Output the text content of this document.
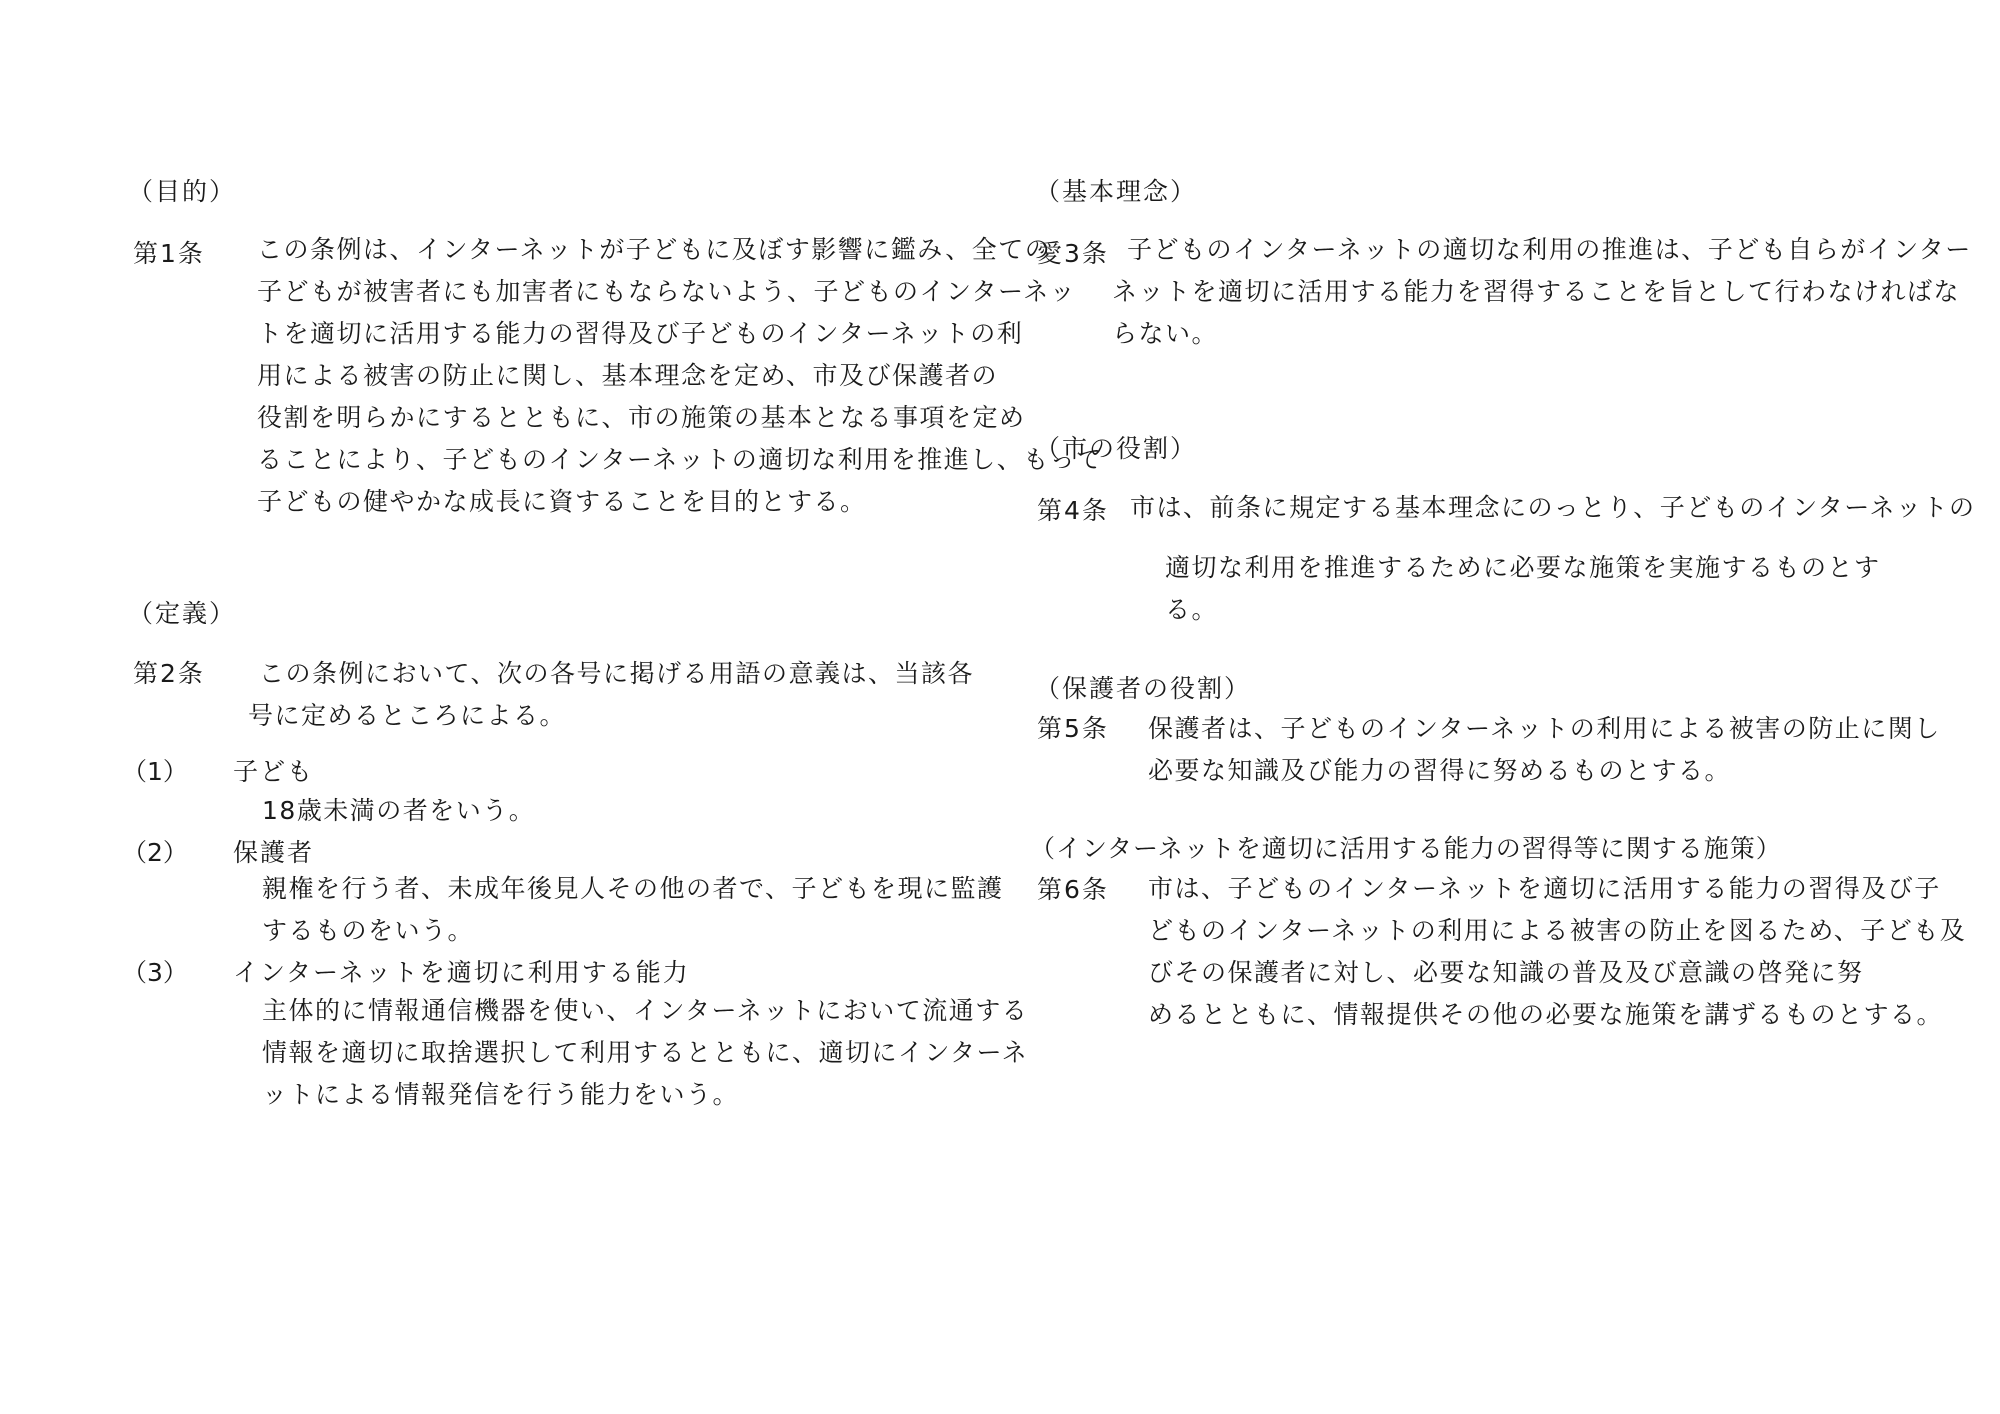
（目的）
第1条 この条例は、インターネットが子どもに及ぼす影響に鑑み、全ての
子どもが被害者にも加害者にもならないよう、子どものインターネッ
トを適切に活用する能力の習得及び子どものインターネットの利
用による被害の防止に関し、基本理念を定め、市及び保護者の
役割を明らかにするとともに、市の施策の基本となる事項を定め
ることにより、子どものインターネットの適切な利用を推進し、もって
子どもの健やかな成長に資することを目的とする。
（定義）
第2条	この条例において、次の各号に掲げる用語の意義は、当該各
号に定めるところによる。
（1） 子ども
18歳未満の者をいう。
（2） 保護者
親権を行う者、未成年後見人その他の者で、子どもを現に監護
するものをいう。
（3） インターネットを適切に利用する能力
主体的に情報通信機器を使い、インターネットにおいて流通する
情報を適切に取捨選択して利用するとともに、適切にインターネ
ットによる情報発信を行う能力をいう。
（基本理念）
愛3条 子どものインターネットの適切な利用の推進は、子ども自らがインター
ネットを適切に活用する能力を習得することを旨として行わなければな
らない。
（市の役割）
第4条 市は、前条に規定する基本理念にのっとり、子どものインターネットの
適切な利用を推進するために必要な施策を実施するものとす
る。
（保護者の役割）
第5条 保護者は、子どものインターネットの利用による被害の防止に関し
必要な知識及び能力の習得に努めるものとする。
（インターネットを適切に活用する能力の習得等に関する施策）
第6条 市は、子どものインターネットを適切に活用する能力の習得及び子
どものインターネットの利用による被害の防止を図るため、子ども及
びその保護者に対し、必要な知識の普及及び意識の啓発に努
めるとともに、情報提供その他の必要な施策を講ずるものとする。
